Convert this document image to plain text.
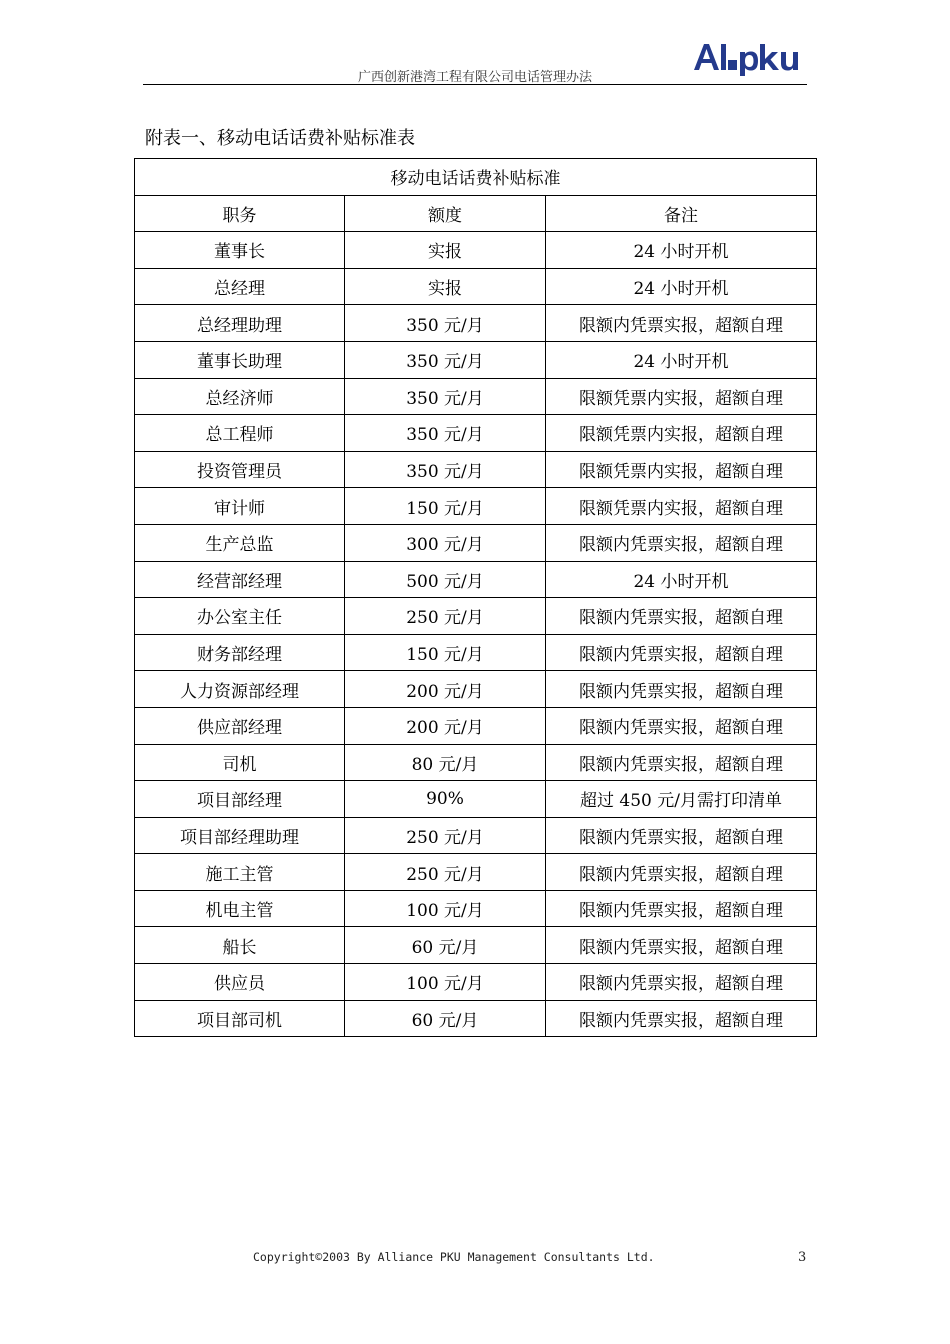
广西创新港湾工程有限公司电话管理办法
附表一、移动电话话费补贴标准表
移动电话话费补贴标准		
职务	额度	备注
董事长	实报	24 小时开机
总经理	实报	24 小时开机
总经理助理	350 元/月	限额内凭票实报，超额自理
董事长助理	350 元/月	24 小时开机
总经济师	350 元/月	限额凭票内实报，超额自理
总工程师	350 元/月	限额凭票内实报，超额自理
投资管理员	350 元/月	限额凭票内实报，超额自理
审计师	150 元/月	限额凭票内实报，超额自理
生产总监	300 元/月	限额内凭票实报，超额自理
经营部经理	500 元/月	24 小时开机
办公室主任	250 元/月	限额内凭票实报，超额自理
财务部经理	150 元/月	限额内凭票实报，超额自理
人力资源部经理	200 元/月	限额内凭票实报，超额自理
供应部经理	200 元/月	限额内凭票实报，超额自理
司机	80 元/月	限额内凭票实报，超额自理
项目部经理	90%	超过 450 元/月需打印清单
项目部经理助理	250 元/月	限额内凭票实报，超额自理
施工主管	250 元/月	限额内凭票实报，超额自理
机电主管	100 元/月	限额内凭票实报，超额自理
船长	60 元/月	限额内凭票实报，超额自理
供应员	100 元/月	限额内凭票实报，超额自理
项目部司机	60 元/月	限额内凭票实报，超额自理
Copyright©2003 By Alliance PKU Management Consultants Ltd.	3
